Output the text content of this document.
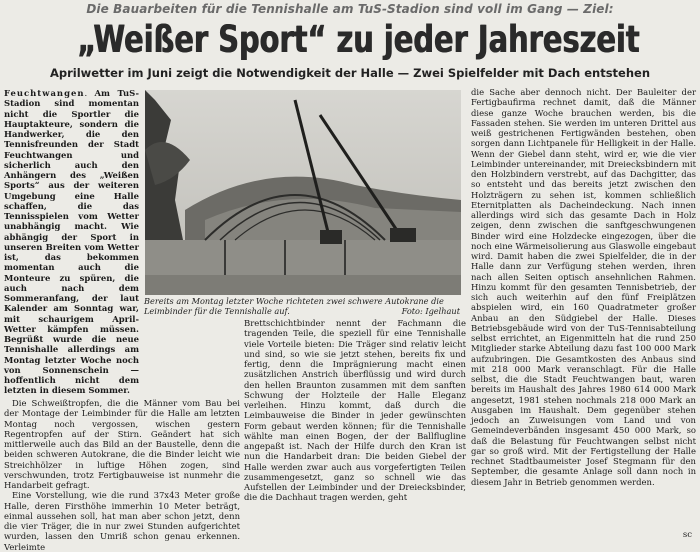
Die Bauarbeiten für die Tennishalle am TuS-Stadion sind voll im Gang — Ziel:
„Weißer Sport“ zu jeder Jahreszeit
Aprilwetter im Juni zeigt die Notwendigkeit der Halle — Zwei Spielfelder mit Dach entstehen

Feuchtwangen. Am TuS-Stadion sind momentan nicht die Sportler die Hauptakteure, sondern die Handwerker, die den Tennisfreunden der Stadt Feuchtwangen und sicherlich auch den Anhängern des „Weißen Sports“ aus der weiteren Umgebung eine Halle schaffen, die das Tennisspielen vom Wetter unabhängig macht. Wie abhängig der Sport in unseren Breiten vom Wetter ist, das bekommen momentan auch die Monteure zu spüren, die auch nach dem Sommeranfang, der laut Kalender am Sonntag war, mit schaurigem April-Wetter kämpfen müssen. Begrüßt wurde die neue Tennishalle allerdings am Montag letzter Woche noch von Sonnenschein — hoffentlich nicht dem letzten in diesem Sommer.

Die Schweißtropfen, die die Männer vom Bau bei der Montage der Leimbinder für die Halle am letzten Montag noch vergossen, wischen gestern Regentropfen auf der Stirn. Geändert hat sich mittlerweile auch das Bild an der Baustelle, denn die beiden schweren Autokrane, die die Binder leicht wie Streichhölzer in luftige Höhen zogen, sind verschwunden, trotz Fertigbauweise ist nunmehr die Handarbeit gefragt.

Eine Vorstellung, wie die rund 37x43 Meter große Halle, deren Firsthöhe immerhin 10 Meter beträgt, einmal aussehen soll, hat man aber schon jetzt, denn die vier Träger, die in nur zwei Stunden aufgerichtet wurden, lassen den Umriß schon genau erkennen. Verleimte

Bereits am Montag letzter Woche richteten zwei schwere Autokrane die Leimbinder für die Tennishalle auf.	Foto: Igelhaut

Brettschichtbinder nennt der Fachmann die tragenden Teile, die speziell für eine Tennishalle viele Vorteile bieten: Die Träger sind relativ leicht und sind, so wie sie jetzt stehen, bereits fix und fertig, denn die Imprägnierung macht einen zusätzlichen Anstrich überflüssig und wird durch den hellen Braunton zusammen mit dem sanften Schwung der Holzteile der Halle Eleganz verleihen. Hinzu kommt, daß durch die Leimbauweise die Binder in jeder gewünschten Form gebaut werden können; für die Tennishalle wählte man einen Bogen, der der Ballflugline angepaßt ist. Nach der Hilfe durch den Kran ist nun die Handarbeit dran: Die beiden Giebel der Halle werden zwar auch aus vorgefertigten Teilen zusammengesetzt, ganz so schnell wie das Aufstellen der Leimbinder und der Dreiecksbinder, die die Dachhaut tragen werden, geht

die Sache aber dennoch nicht. Der Bauleiter der Fertigbaufirma rechnet damit, daß die Männer diese ganze Woche brauchen werden, bis die Fassaden stehen. Sie werden im unteren Drittel aus weiß gestrichenen Fertigwänden bestehen, oben sorgen dann Lichtpanele für Helligkeit in der Halle. Wenn der Giebel dann steht, wird er, wie die vier Leimbinder untereinander, mit Dreiecksbindern mit den Holzbindern verstrebt, auf das Dachgitter, das so entsteht und das bereits jetzt zwischen den Holzträgern zu sehen ist, kommen schließlich Eternitplatten als Dacheindeckung. Nach innen allerdings wird sich das gesamte Dach in Holz zeigen, denn zwischen die sanftgeschwungenen Binder wird eine Holzdecke eingezogen, über die noch eine Wärmeisolierung aus Glaswolle eingebaut wird. Damit haben die zwei Spielfelder, die in der Halle dann zur Verfügung stehen werden, ihren nach allen Seiten optisch ansehnlichen Rahmen. Hinzu kommt für den gesamten Tennisbetrieb, der sich auch weiterhin auf den fünf Freiplätzen abspielen wird, ein 160 Quadratmeter großer Anbau an den Südgiebel der Halle. Dieses Betriebsgebäude wird von der TuS-Tennisabteilung selbst errichtet, an Eigenmitteln hat die rund 250 Mitglieder starke Abteilung dazu fast 100 000 Mark aufzubringen. Die Gesamtkosten des Anbaus sind mit 218 000 Mark veranschlagt. Für die Halle selbst, die die Stadt Feuchtwangen baut, waren bereits im Haushalt des Jahres 1980 614 000 Mark angesetzt, 1981 stehen nochmals 218 000 Mark an Ausgaben im Haushalt. Dem gegenüber stehen jedoch an Zuweisungen vom Land und von Gemeindeverbänden insgesamt 450 000 Mark, so daß die Belastung für Feuchtwangen selbst nicht gar so groß wird. Mit der Fertigstellung der Halle rechnet Stadtbaumeister Josef Stegmann für den September, die gesamte Anlage soll dann noch in diesem Jahr in Betrieb genommen werden.

sc
